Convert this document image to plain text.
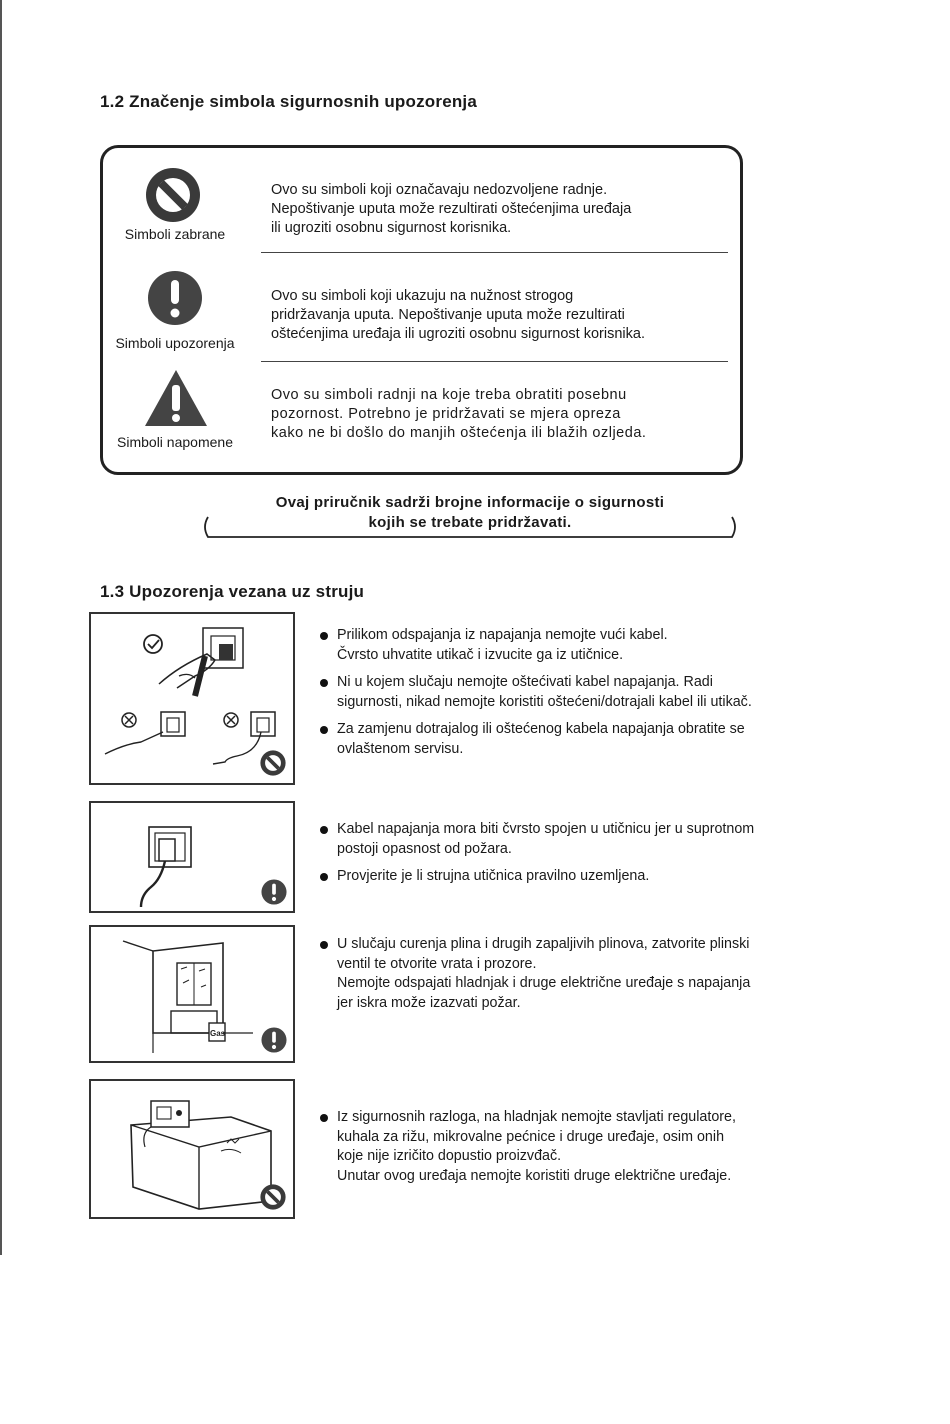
1.2 Značenje simbola sigurnosnih upozorenja
Simboli zabrane
Ovo su simboli koji označavaju nedozvoljene radnje.
Nepoštivanje uputa može rezultirati oštećenjima uređaja
ili ugroziti osobnu sigurnost korisnika.
Simboli upozorenja
Ovo su simboli koji ukazuju na nužnost strogog
pridržavanja uputa. Nepoštivanje uputa može rezultirati
oštećenjima uređaja ili ugroziti osobnu sigurnost korisnika.
Simboli napomene
Ovo su simboli radnji na koje treba obratiti posebnu
pozornost. Potrebno je pridržavati se mjera opreza
kako ne bi došlo do manjih oštećenja ili blažih ozljeda.
Ovaj priručnik sadrži brojne informacije o sigurnosti
kojih se trebate pridržavati.
1.3 Upozorenja vezana uz struju
Prilikom odspajanja iz napajanja nemojte vući kabel.
Čvrsto uhvatite utikač i izvucite ga iz utičnice.
Ni u kojem slučaju nemojte oštećivati kabel napajanja. Radi
sigurnosti, nikad nemojte koristiti oštećeni/dotrajali kabel ili utikač.
Za zamjenu dotrajalog ili oštećenog kabela napajanja obratite se
ovlaštenom servisu.
Kabel napajanja mora biti čvrsto spojen u utičnicu jer u suprotnom
postoji opasnost od požara.
Provjerite je li strujna utičnica pravilno uzemljena.
Gas
U slučaju curenja plina i drugih zapaljivih plinova, zatvorite plinski
ventil te otvorite vrata i prozore.
Nemojte odspajati hladnjak i druge električne uređaje s napajanja
jer iskra može izazvati požar.
Iz sigurnosnih razloga, na hladnjak nemojte stavljati regulatore,
kuhala za rižu, mikrovalne pećnice i druge uređaje, osim onih
koje nije izričito dopustio proizvđač.
Unutar ovog uređaja nemojte koristiti druge električne uređaje.
